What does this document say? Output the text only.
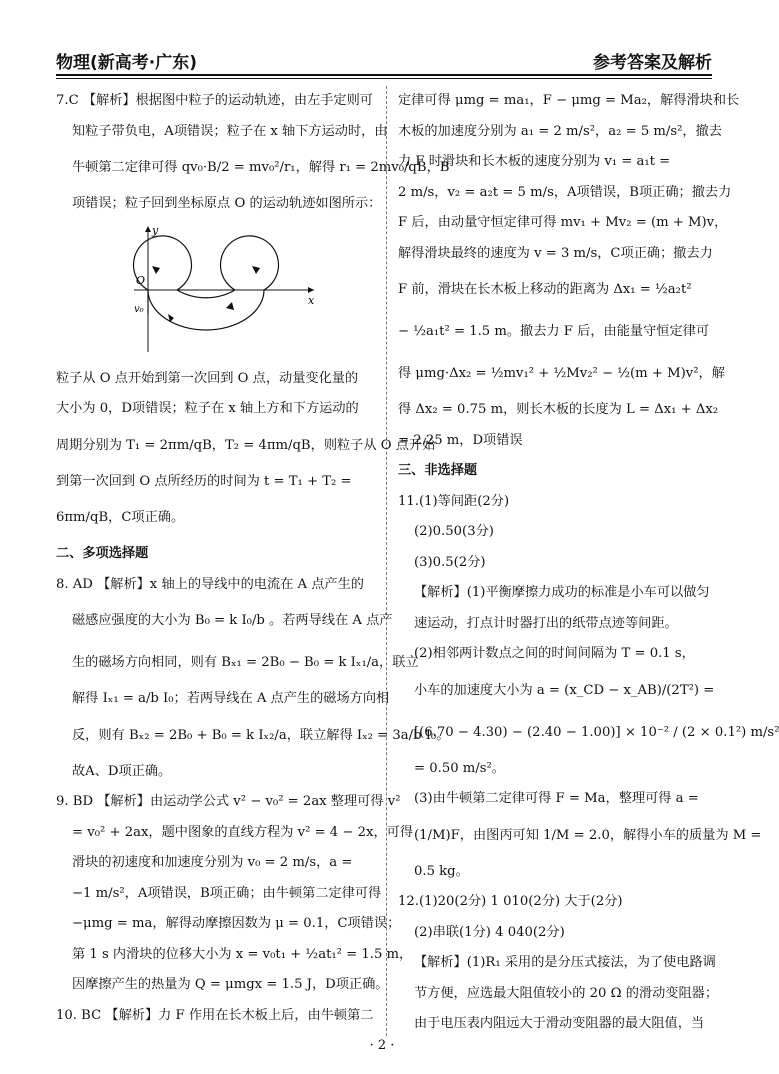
物理(新高考·广东)	参考答案及解析
7.C 【解析】根据图中粒子的运动轨迹，由左手定则可
知粒子带负电，A项错误；粒子在 x 轴下方运动时，由
牛顿第二定律可得 qv₀·B/2 = mv₀²/r₁，解得 r₁ = 2mv₀/qB，B
项错误；粒子回到坐标原点 O 的运动轨迹如图所示：
y
x
O
v₀
粒子从 O 点开始到第一次回到 O 点，动量变化量的
大小为 0，D项错误；粒子在 x 轴上方和下方运动的
周期分别为 T₁ = 2πm/qB，T₂ = 4πm/qB，则粒子从 O 点开始
到第一次回到 O 点所经历的时间为 t = T₁ + T₂ =
6πm/qB，C项正确。
二、多项选择题
8. AD 【解析】x 轴上的导线中的电流在 A 点产生的
磁感应强度的大小为 B₀ = k I₀/b 。若两导线在 A 点产
生的磁场方向相同，则有 Bₓ₁ = 2B₀ − B₀ = k Iₓ₁/a，联立
解得 Iₓ₁ = a/b I₀；若两导线在 A 点产生的磁场方向相
反，则有 Bₓ₂ = 2B₀ + B₀ = k Iₓ₂/a，联立解得 Iₓ₂ = 3a/b I₀。
故A、D项正确。
9. BD 【解析】由运动学公式 v² − v₀² = 2ax 整理可得 v²
= v₀² + 2ax，题中图象的直线方程为 v² = 4 − 2x，可得
滑块的初速度和加速度分别为 v₀ = 2 m/s，a =
−1 m/s²，A项错误，B项正确；由牛顿第二定律可得
−μmg = ma，解得动摩擦因数为 μ = 0.1，C项错误；
第 1 s 内滑块的位移大小为 x = v₀t₁ + ½at₁² = 1.5 m，
因摩擦产生的热量为 Q = μmgx = 1.5 J，D项正确。
10. BC 【解析】力 F 作用在长木板上后，由牛顿第二
定律可得 μmg = ma₁，F − μmg = Ma₂，解得滑块和长
木板的加速度分别为 a₁ = 2 m/s²，a₂ = 5 m/s²，撤去
力 F 时滑块和长木板的速度分别为 v₁ = a₁t =
2 m/s，v₂ = a₂t = 5 m/s，A项错误，B项正确；撤去力
F 后，由动量守恒定律可得 mv₁ + Mv₂ = (m + M)v，
解得滑块最终的速度为 v = 3 m/s，C项正确；撤去力
F 前，滑块在长木板上移动的距离为 Δx₁ = ½a₂t²
− ½a₁t² = 1.5 m。撤去力 F 后，由能量守恒定律可
得 μmg·Δx₂ = ½mv₁² + ½Mv₂² − ½(m + M)v²，解
得 Δx₂ = 0.75 m，则长木板的长度为 L = Δx₁ + Δx₂
= 2.25 m，D项错误
三、非选择题
11.(1)等间距(2分)
(2)0.50(3分)
(3)0.5(2分)
【解析】(1)平衡摩擦力成功的标准是小车可以做匀
速运动，打点计时器打出的纸带点迹等间距。
(2)相邻两计数点之间的时间间隔为 T = 0.1 s，
小车的加速度大小为 a = (x_CD − x_AB)/(2T²) =
[(6.70 − 4.30) − (2.40 − 1.00)] × 10⁻² / (2 × 0.1²) m/s²
= 0.50 m/s²。
(3)由牛顿第二定律可得 F = Ma，整理可得 a =
(1/M)F，由图丙可知 1/M = 2.0，解得小车的质量为 M =
0.5 kg。
12.(1)20(2分) 1 010(2分) 大于(2分)
(2)串联(1分) 4 040(2分)
【解析】(1)R₁ 采用的是分压式接法，为了使电路调
节方便，应选最大阻值较小的 20 Ω 的滑动变阻器；
由于电压表内阻远大于滑动变阻器的最大阻值，当
· 2 ·
